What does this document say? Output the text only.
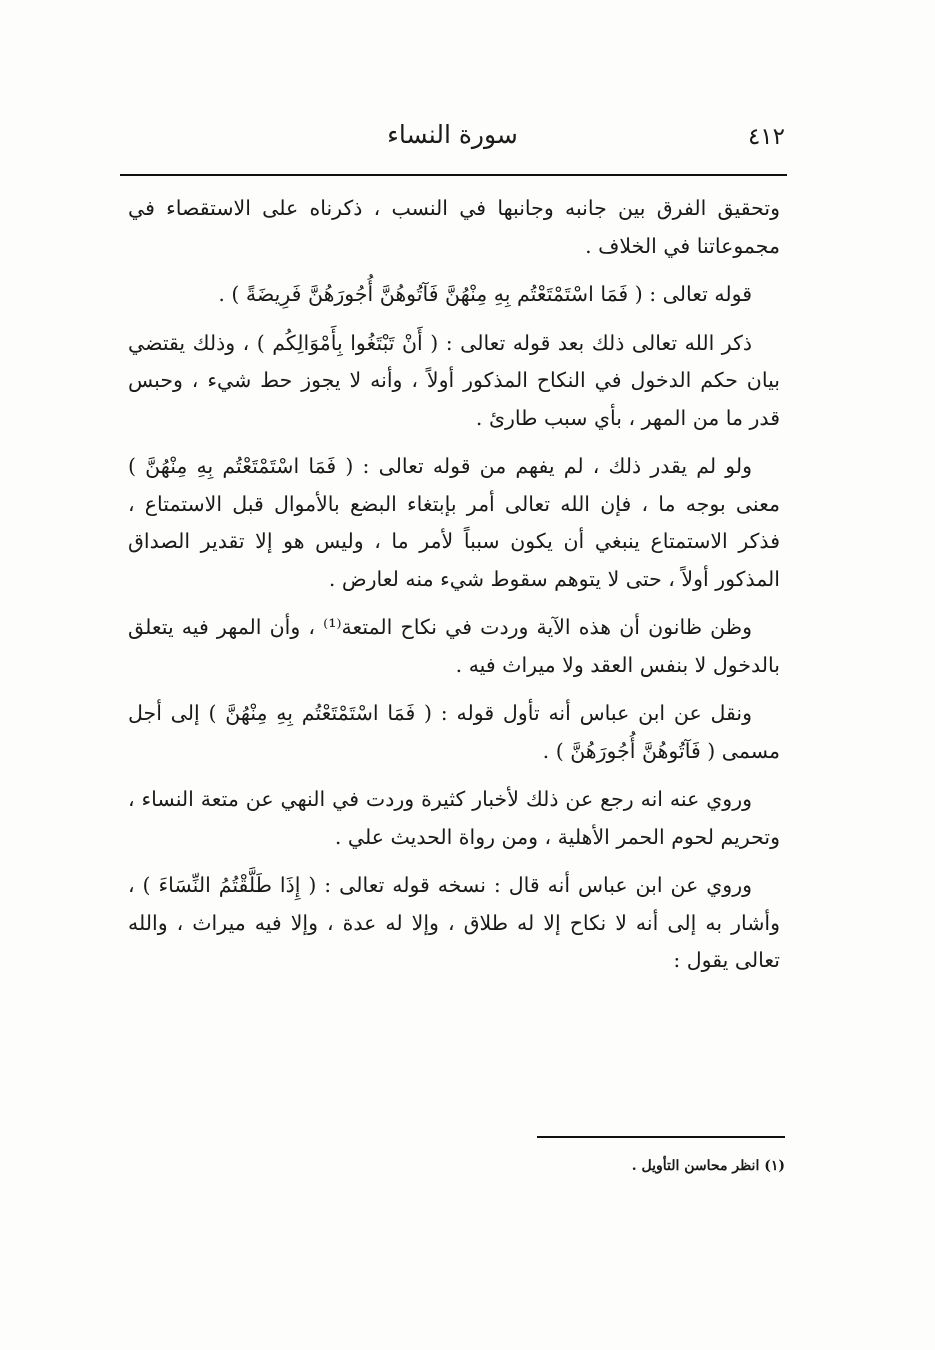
٤١٢
سورة النساء

وتحقيق الفرق بين جانبه وجانبها في النسب ، ذكرناه على الاستقصاء في مجموعاتنا في الخلاف .

قوله تعالى : ( فَمَا اسْتَمْتَعْتُم بِهِ مِنْهُنَّ فَآتُوهُنَّ أُجُورَهُنَّ فَرِيضَةً ) .

ذكر الله تعالى ذلك بعد قوله تعالى : ( أَنْ تَبْتَغُوا بِأَمْوَالِكُم ) ، وذلك يقتضي بيان حكم الدخول في النكاح المذكور أولاً ، وأنه لا يجوز حط شيء ، وحبس قدر ما من المهر ، بأي سبب طارئ .

ولو لم يقدر ذلك ، لم يفهم من قوله تعالى : ( فَمَا اسْتَمْتَعْتُم بِهِ مِنْهُنَّ ) معنى بوجه ما ، فإن الله تعالى أمر بإبتغاء البضع بالأموال قبل الاستمتاع ، فذكر الاستمتاع ينبغي أن يكون سبباً لأمر ما ، وليس هو إلا تقدير الصداق المذكور أولاً ، حتى لا يتوهم سقوط شيء منه لعارض .

وظن ظانون أن هذه الآية وردت في نكاح المتعة⁽¹⁾ ، وأن المهر فيه يتعلق بالدخول لا بنفس العقد ولا ميراث فيه .

ونقل عن ابن عباس أنه تأول قوله : ( فَمَا اسْتَمْتَعْتُم بِهِ مِنْهُنَّ ) إلى أجل مسمى ( فَآتُوهُنَّ أُجُورَهُنَّ ) .

وروي عنه انه رجع عن ذلك لأخبار كثيرة وردت في النهي عن متعة النساء ، وتحريم لحوم الحمر الأهلية ، ومن رواة الحديث علي .

وروي عن ابن عباس أنه قال : نسخه قوله تعالى : ( إِذَا طَلَّقْتُمُ النِّسَاءَ ) ، وأشار به إلى أنه لا نكاح إلا له طلاق ، وإلا له عدة ، وإلا فيه ميراث ، والله تعالى يقول :

(١) انظر محاسن التأويل .
